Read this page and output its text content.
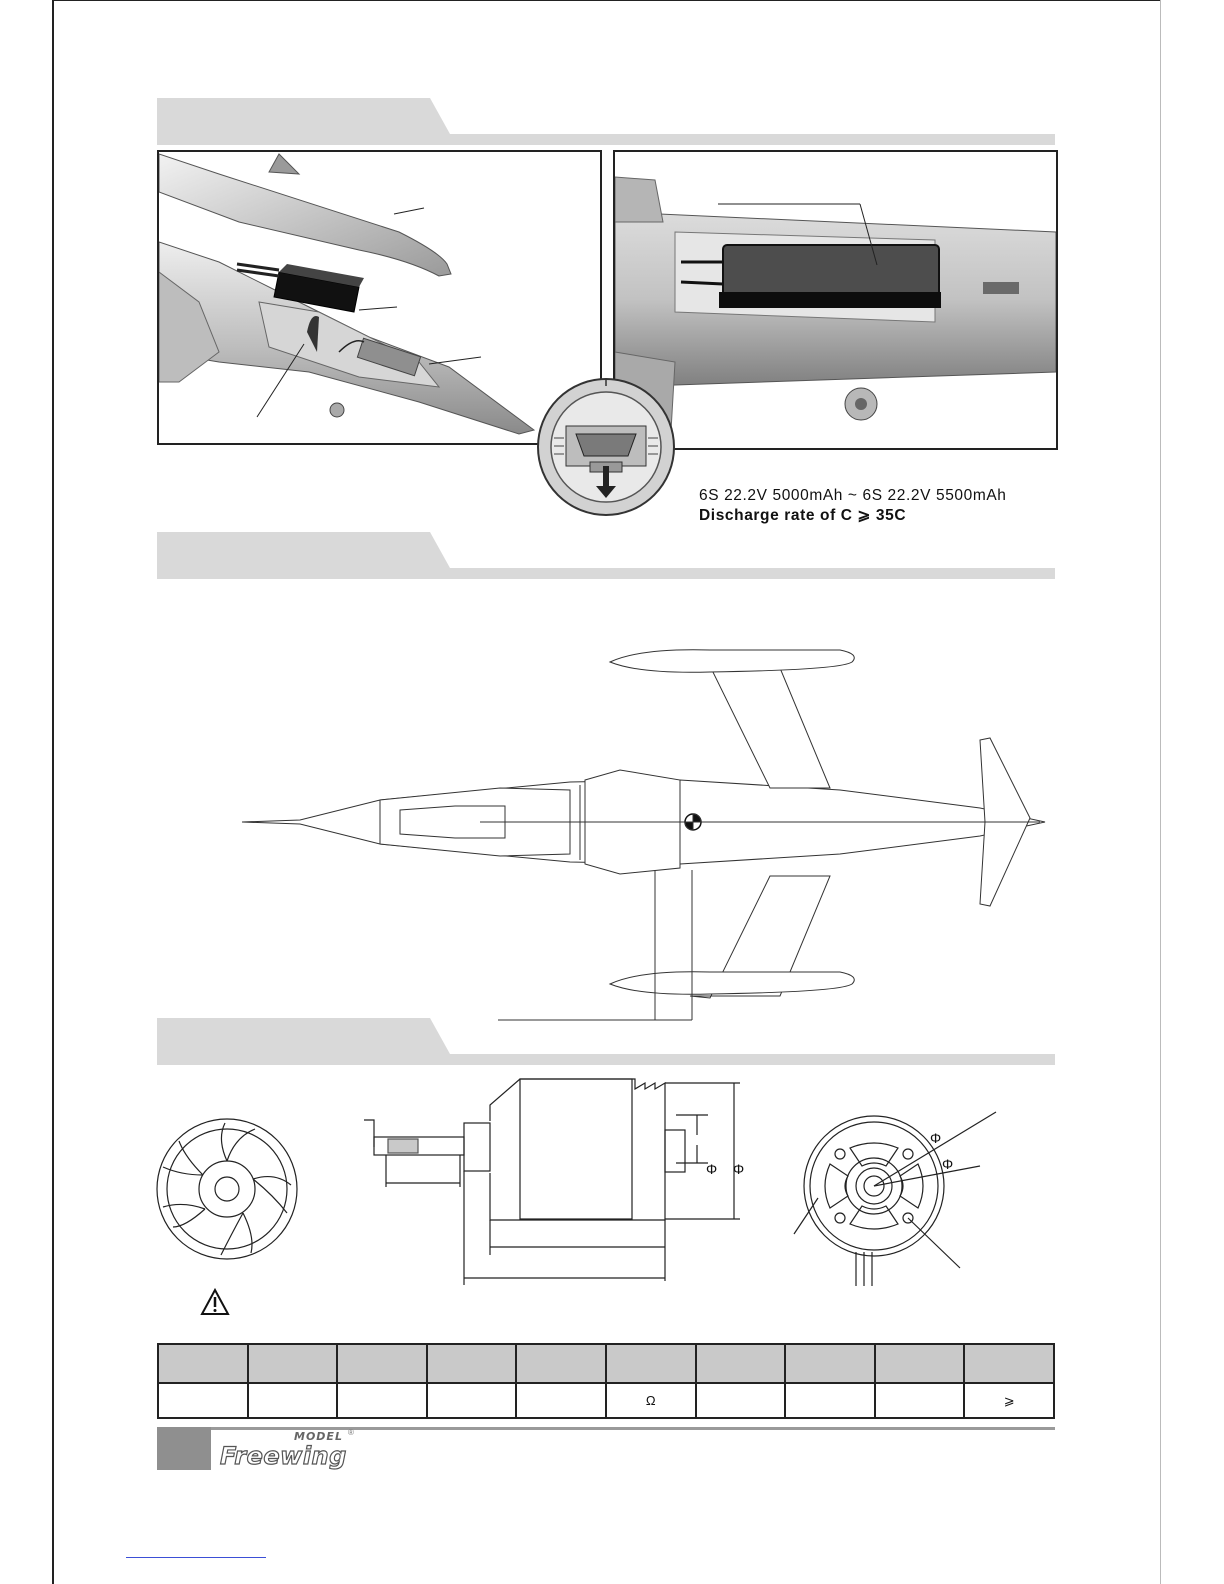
6S 22.2V 5000mAh ~ 6S 22.2V 5500mAh
Discharge rate of C ⩾ 35C
Φ Φ
Φ
Φ

					Ω				⩾
MODEL ®
Freewing
